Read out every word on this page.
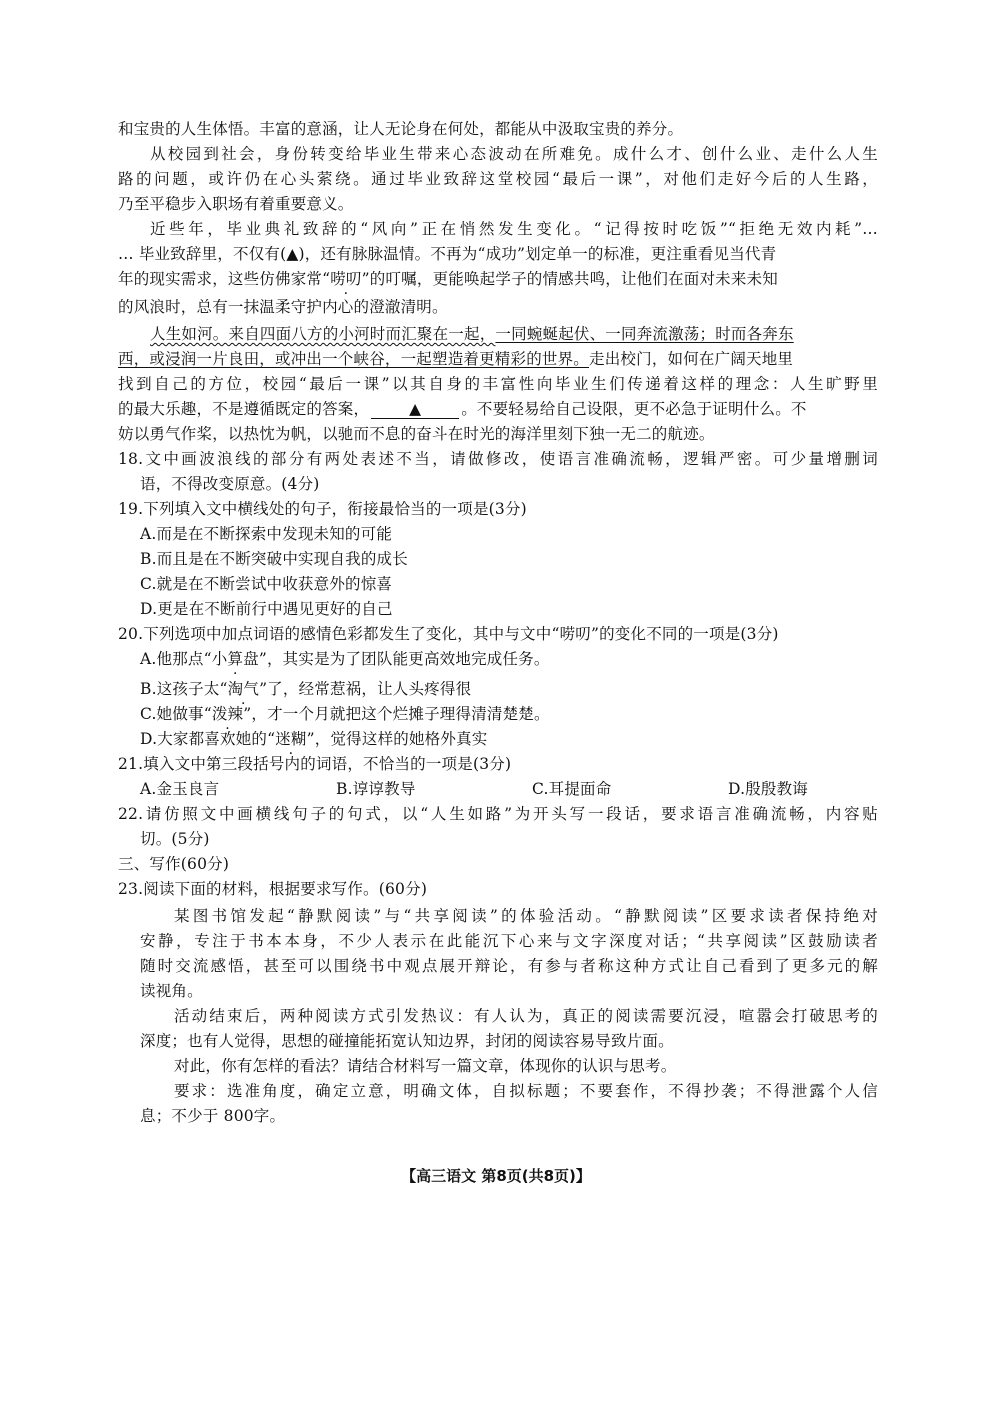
和宝贵的人生体悟。丰富的意涵，让人无论身在何处，都能从中汲取宝贵的养分。
从校园到社会，身份转变给毕业生带来心态波动在所难免。成什么才、创什么业、走什么人生
路的问题，或许仍在心头萦绕。通过毕业致辞这堂校园“最后一课”，对他们走好今后的人生路，
乃至平稳步入职场有着重要意义。
近些年，毕业典礼致辞的“风向”正在悄然发生变化。“记得按时吃饭”“拒绝无效内耗”…
… 毕业致辞里，不仅有(▲)，还有脉脉温情。不再为“成功”划定单一的标准，更注重看见当代青
年的现实需求，这些仿佛家常“唠叨”的叮嘱，更能唤起学子的情感共鸣，让他们在面对未来未知
的风浪时，总有一抹温柔守护内心的澄澈清明。
人生如河。来自四面八方的小河时而汇聚在一起，一同蜿蜒起伏、一同奔流激荡；时而各奔东
西，或浸润一片良田，或冲出一个峡谷，一起塑造着更精彩的世界。走出校门，如何在广阔天地里
找到自己的方位，校园“最后一课”以其自身的丰富性向毕业生们传递着这样的理念：人生旷野里
的最大乐趣，不是遵循既定的答案，	▲	。不要轻易给自己设限，更不必急于证明什么。不
妨以勇气作桨，以热忱为帆，以驰而不息的奋斗在时光的海洋里刻下独一无二的航迹。
18.文中画波浪线的部分有两处表述不当，请做修改，使语言准确流畅，逻辑严密。可少量增删词
语，不得改变原意。(4分)
19.下列填入文中横线处的句子，衔接最恰当的一项是(3分)
A.而是在不断探索中发现未知的可能
B.而且是在不断突破中实现自我的成长
C.就是在不断尝试中收获意外的惊喜
D.更是在不断前行中遇见更好的自己
20.下列选项中加点词语的感情色彩都发生了变化，其中与文中“唠叨”的变化不同的一项是(3分)
A.他那点“小算盘”，其实是为了团队能更高效地完成任务。
B.这孩子太“淘气”了，经常惹祸，让人头疼得很
C.她做事“泼辣”，才一个月就把这个烂摊子理得清清楚楚。
D.大家都喜欢她的“迷糊”，觉得这样的她格外真实
21.填入文中第三段括号内的词语，不恰当的一项是(3分)
A.金玉良言	B.谆谆教导	C.耳提面命	D.殷殷教诲
22.请仿照文中画横线句子的句式，以“人生如路”为开头写一段话，要求语言准确流畅，内容贴
切。(5分)
三、写作(60分)
23.阅读下面的材料，根据要求写作。(60分)
某图书馆发起“静默阅读”与“共享阅读”的体验活动。“静默阅读”区要求读者保持绝对
安静，专注于书本本身，不少人表示在此能沉下心来与文字深度对话；“共享阅读”区鼓励读者
随时交流感悟，甚至可以围绕书中观点展开辩论，有参与者称这种方式让自己看到了更多元的解
读视角。
活动结束后，两种阅读方式引发热议：有人认为，真正的阅读需要沉浸，喧嚣会打破思考的
深度；也有人觉得，思想的碰撞能拓宽认知边界，封闭的阅读容易导致片面。
对此，你有怎样的看法？请结合材料写一篇文章，体现你的认识与思考。
要求：选准角度，确定立意，明确文体，自拟标题；不要套作，不得抄袭；不得泄露个人信
息；不少于 800字。
【高三语文 第8页(共8页)】
